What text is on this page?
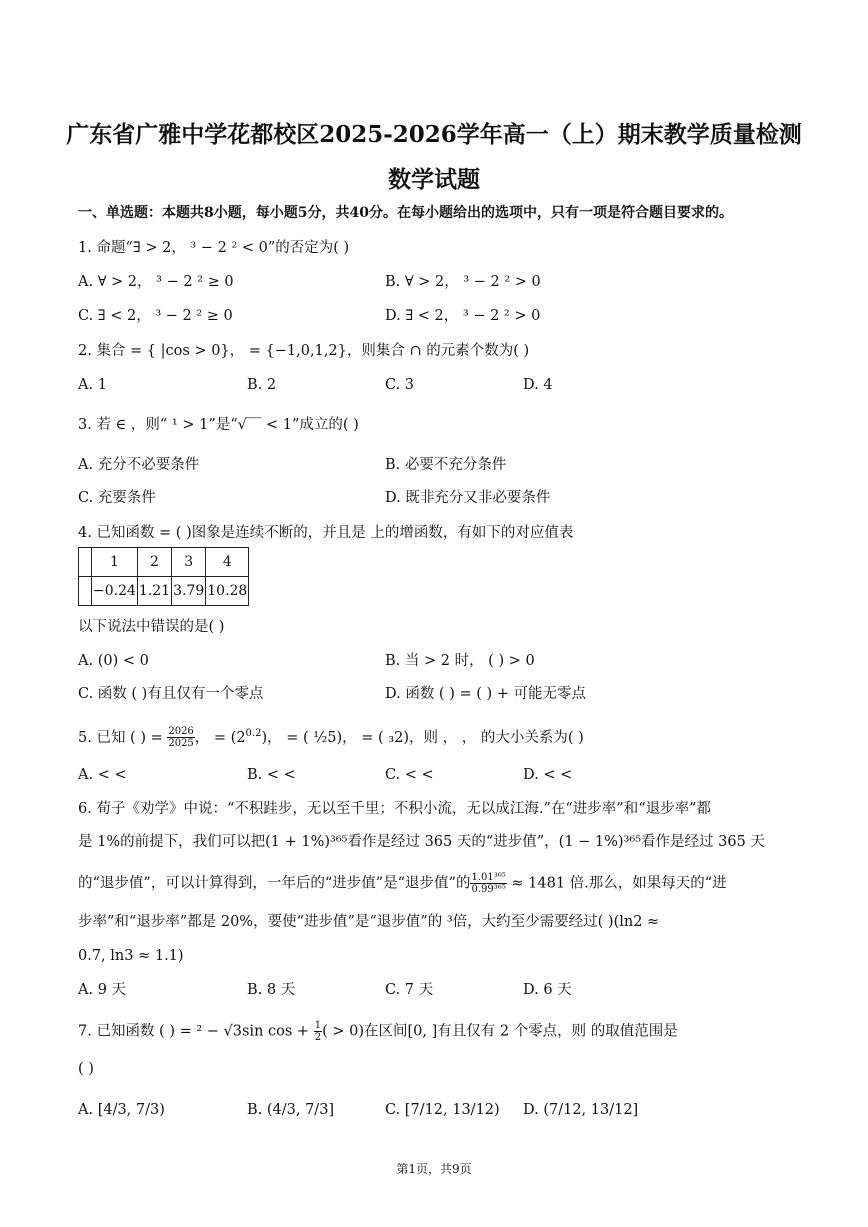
广东省广雅中学花都校区2025-2026学年高一（上）期末教学质量检测
数学试题
一、单选题：本题共8小题，每小题5分，共40分。在每小题给出的选项中，只有一项是符合题目要求的。
1. 命题“∃ > 2， ³ − 2 ² < 0”的否定为( )
A. ∀ > 2， ³ − 2 ² ≥ 0	B. ∀ > 2， ³ − 2 ² > 0
C. ∃ < 2， ³ − 2 ² ≥ 0	D. ∃ < 2， ³ − 2 ² > 0
2. 集合 = { |cos > 0}， = {−1,0,1,2}，则集合 ∩ 的元素个数为( )
A. 1	B. 2	C. 3	D. 4
3. 若 ∈ ，则“ ¹ > 1”是“√‾‾ < 1”成立的( )
A. 充分不必要条件	B. 必要不充分条件
C. 充要条件	D. 既非充分又非必要条件
4. 已知函数 = ( )图象是连续不断的，并且是 上的增函数，有如下的对应值表
	1	2	3	4
	−0.24	1.21	3.79	10.28
以下说法中错误的是( )
A. (0) < 0	B. 当 > 2 时， ( ) > 0
C. 函数 ( )有且仅有一个零点	D. 函数 ( ) = ( ) + 可能无零点
5. 已知 ( ) = $\frac{2026}{2025}$ ， = $(2^{0.2})$， = ( ½5)， = ( ₃2)，则 ， ， 的大小关系为( )
A. < <	B. < <	C. < <	D. < <
6. 荀子《劝学》中说：“不积跬步，无以至千里；不积小流，无以成江海.”在“进步率”和“退步率”都
是 1%的前提下，我们可以把(1 + 1%)³⁶⁵看作是经过 365 天的“进步值”，(1 − 1%)³⁶⁵看作是经过 365 天
的“退步值”，可以计算得到，一年后的“进步值”是“退步值”的 $\frac{\text{1.01³⁶⁵}}{\text{0.99³⁶⁵}} \approx 1481$ 倍.那么，如果每天的“进
步率”和“退步率”都是 20%，要使“进步值”是“退步值”的 ³倍，大约至少需要经过( )(ln2 ≈
0.7, ln3 ≈ 1.1)
A. 9 天	B. 8 天	C. 7 天	D. 6 天
7. 已知函数 ( ) = ² − √3sin $\cos + \frac{1}{2}$ ( > 0)在区间[0, ]有且仅有 2 个零点，则 的取值范围是
( )
A. [4/3, 7/3)	B. (4/3, 7/3]	C. [7/12, 13/12) D. (7/12, 13/12]
第1页，共9页
